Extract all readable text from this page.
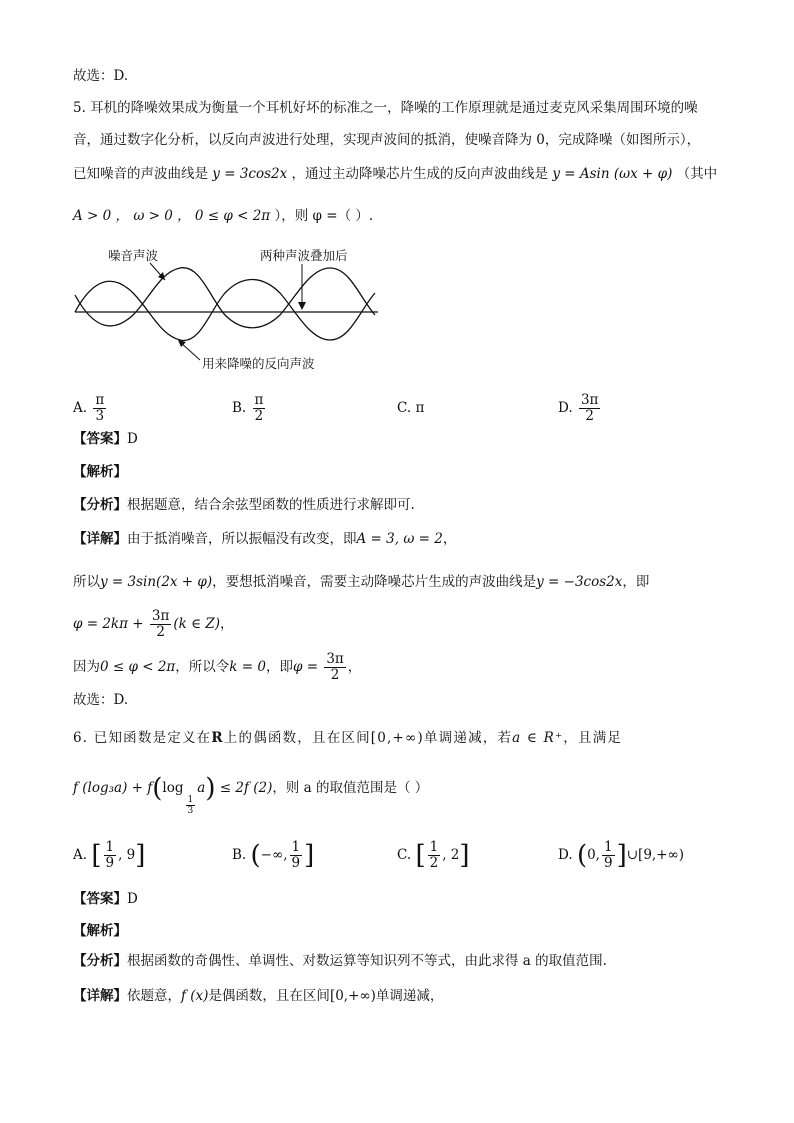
故选：D.
5. 耳机的降噪效果成为衡量一个耳机好坏的标准之一，降噪的工作原理就是通过麦克风采集周围环境的噪
音，通过数字化分析，以反向声波进行处理，实现声波间的抵消，使噪音降为 0，完成降噪（如图所示），
已知噪音的声波曲线是 y = 3cos2x ，通过主动降噪芯片生成的反向声波曲线是 y = Asin (ωx + φ) （其中
A > 0 ， ω > 0 ， 0 ≤ φ < 2π ），则 φ =（ ）.
噪音声波	两种声波叠加后
用来降噪的反向声波
A. $\frac{\pi}{3}$	B. $\frac{\pi}{2}$	C. π	D. $\frac{3\pi}{2}$
【答案】D
【解析】
【分析】根据题意，结合余弦型函数的性质进行求解即可.
【详解】由于抵消噪音，所以振幅没有改变，即A = 3, ω = 2，
所以y = 3sin(2x + φ)，要想抵消噪音，需要主动降噪芯片生成的声波曲线是y = −3cos2x，即
$\varphi = 2k\pi + \frac{3\pi}{2} (k$ ∈ Z)，
因为0 ≤ φ < 2π，所以令k = 0，即$\varphi = \frac{3\pi}{2}$ ，
故选：D.
6. 已知函数是定义在R上的偶函数，且在区间[0,+∞)单调递减，若a ∈ R⁺，且满足
f (log₃a) + f(log
$\frac{1}{3}$
a) ≤ 2f (2)，则 a 的取值范围是（ ）
A. [ $\frac{1}{9}$ , 9]	B. (−∞, $\frac{1}{9}$ ]	C. [ $\frac{1}{2}$ , 2]	D. (0, $\frac{1}{9}$ ]∪[9,+∞)
【答案】D
【解析】
【分析】根据函数的奇偶性、单调性、对数运算等知识列不等式，由此求得 a 的取值范围.
【详解】依题意，f (x)是偶函数，且在区间[0,+∞)单调递减，
